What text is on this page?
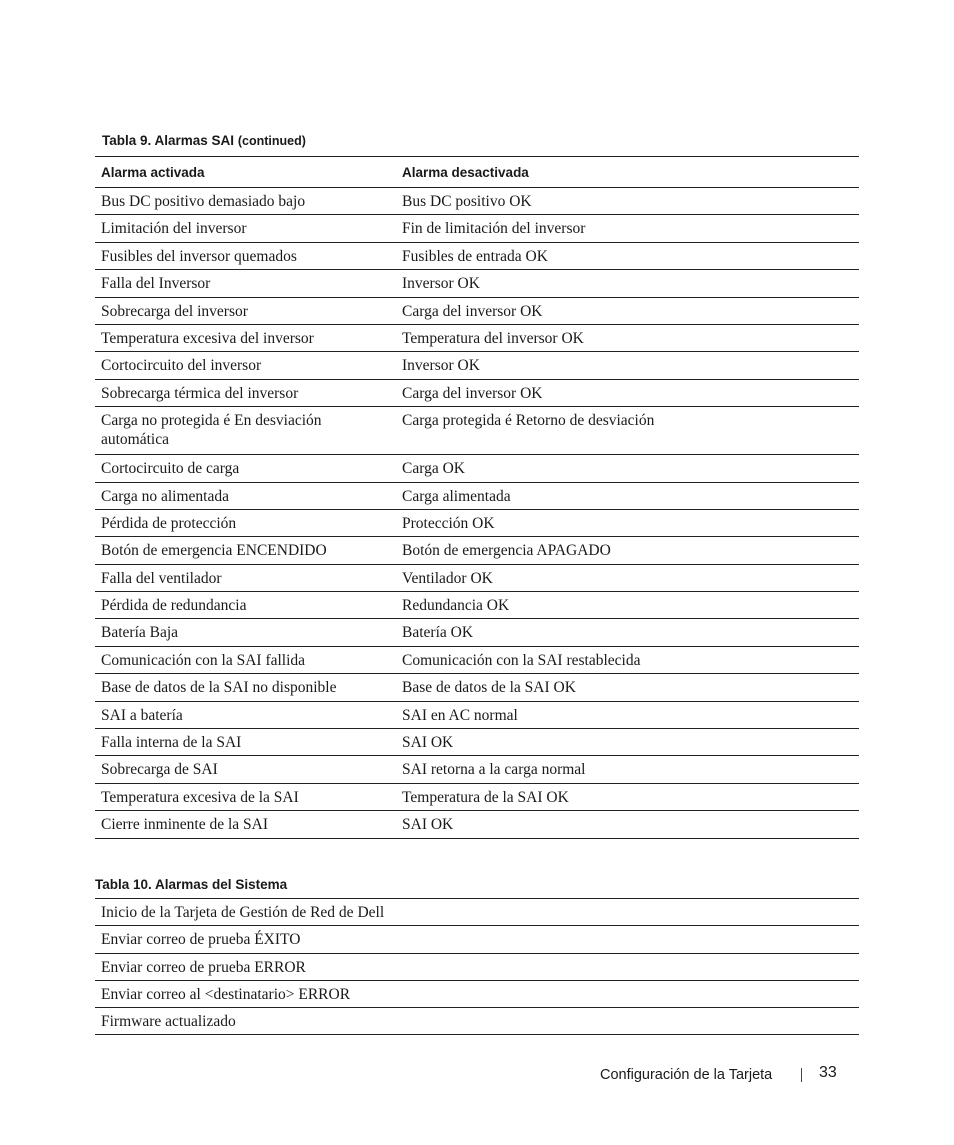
Tabla 9. Alarmas SAI (continued)
Alarma activada	Alarma desactivada
Bus DC positivo demasiado bajo	Bus DC positivo OK
Limitación del inversor	Fin de limitación del inversor
Fusibles del inversor quemados	Fusibles de entrada OK
Falla del Inversor	Inversor OK
Sobrecarga del inversor	Carga del inversor OK
Temperatura excesiva del inversor	Temperatura del inversor OK
Cortocircuito del inversor	Inversor OK
Sobrecarga térmica del inversor	Carga del inversor OK
Carga no protegida é En desviación automática	Carga protegida é Retorno de desviación
Cortocircuito de carga	Carga OK
Carga no alimentada	Carga alimentada
Pérdida de protección	Protección OK
Botón de emergencia ENCENDIDO	Botón de emergencia APAGADO
Falla del ventilador	Ventilador OK
Pérdida de redundancia	Redundancia OK
Batería Baja	Batería OK
Comunicación con la SAI fallida	Comunicación con la SAI restablecida
Base de datos de la SAI no disponible	Base de datos de la SAI OK
SAI a batería	SAI en AC normal
Falla interna de la SAI	SAI OK
Sobrecarga de SAI	SAI retorna a la carga normal
Temperatura excesiva de la SAI	Temperatura de la SAI OK
Cierre inminente de la SAI	SAI OK
Tabla 10. Alarmas del Sistema
Inicio de la Tarjeta de Gestión de Red de Dell
Enviar correo de prueba ÉXITO
Enviar correo de prueba ERROR
Enviar correo al <destinatario> ERROR
Firmware actualizado
Configuración de la Tarjeta	33
